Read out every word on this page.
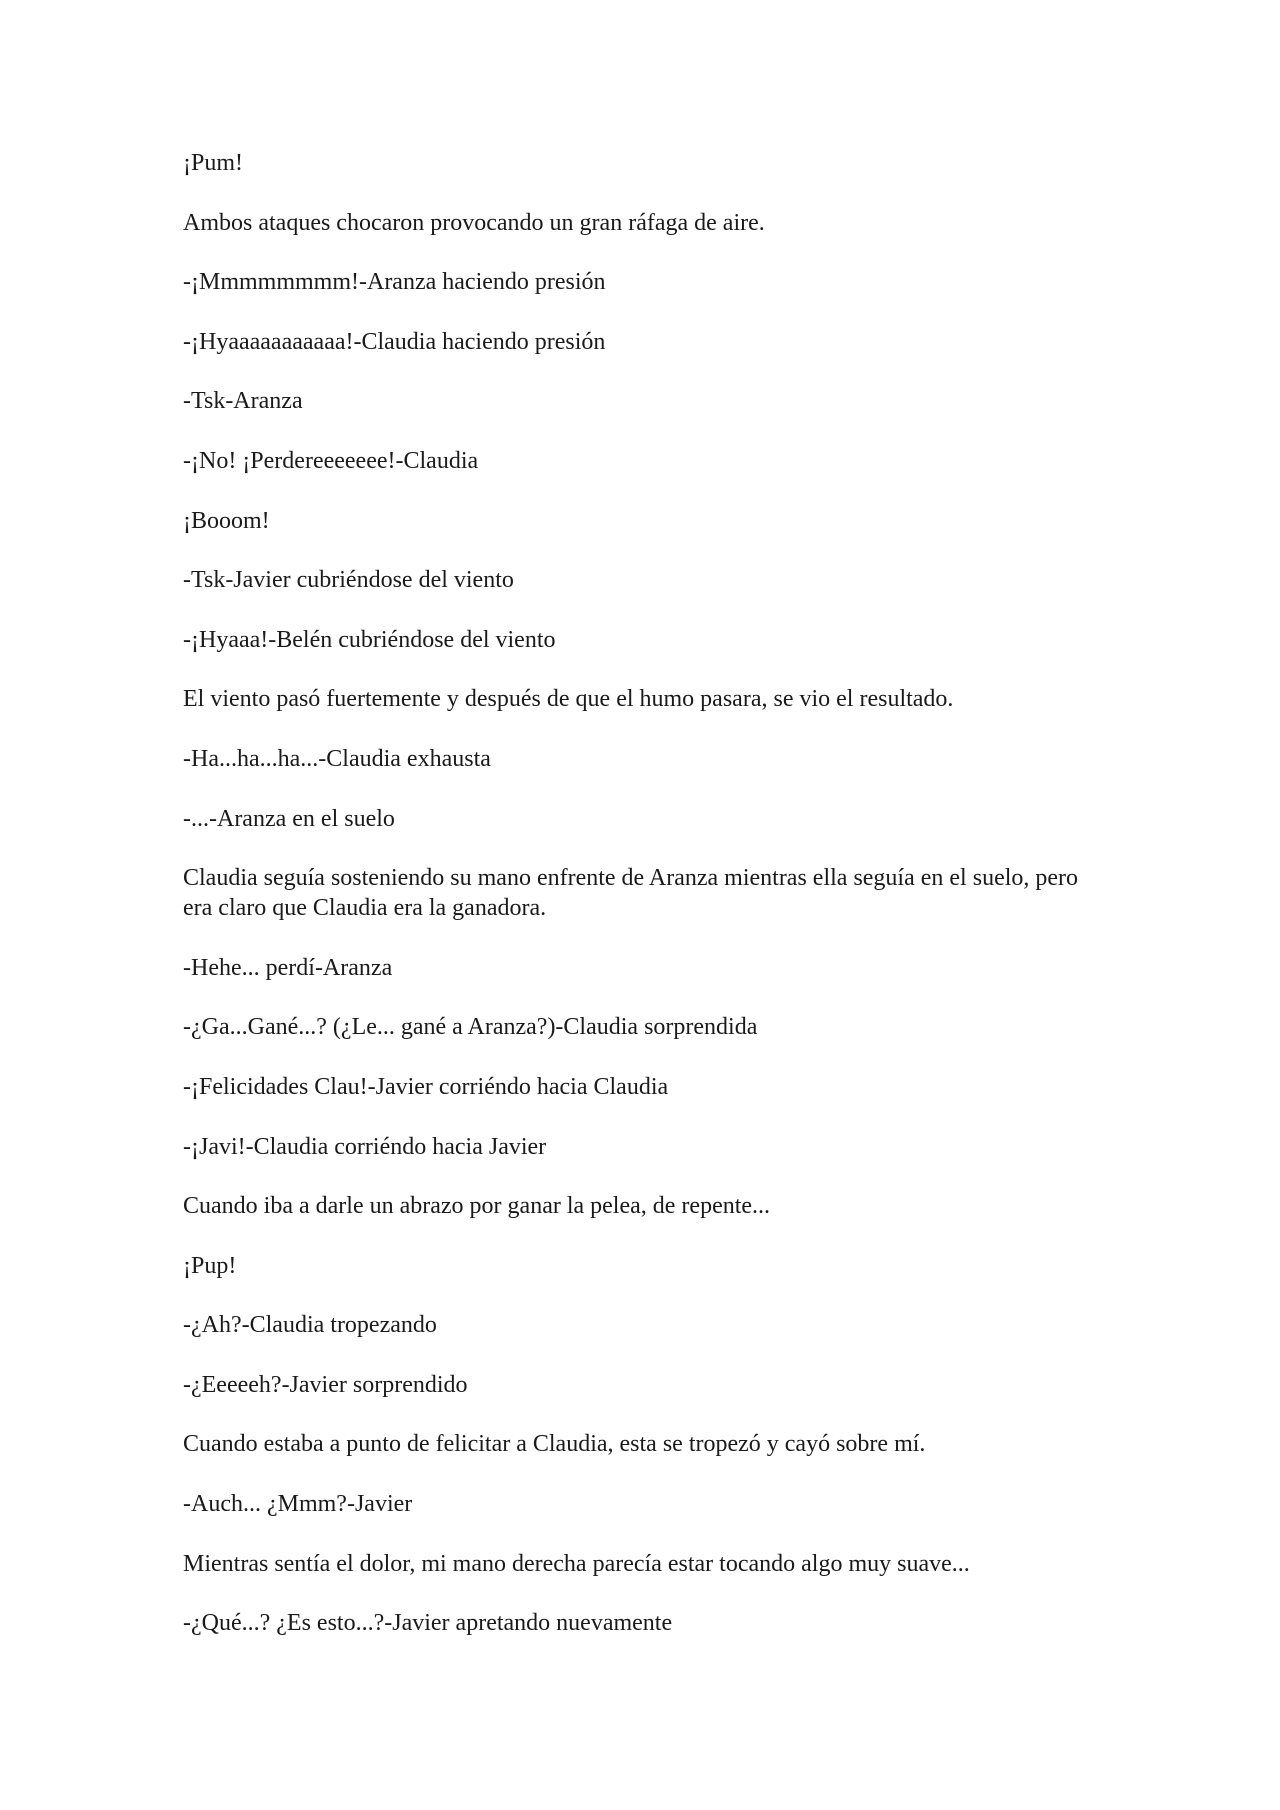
¡Pum!

Ambos ataques chocaron provocando un gran ráfaga de aire.

-¡Mmmmmmmm!-Aranza haciendo presión

-¡Hyaaaaaaaaaaa!-Claudia haciendo presión

-Tsk-Aranza

-¡No! ¡Perdereeeeeee!-Claudia

¡Booom!

-Tsk-Javier cubriéndose del viento

-¡Hyaaa!-Belén cubriéndose del viento

El viento pasó fuertemente y después de que el humo pasara, se vio el resultado.

-Ha...ha...ha...-Claudia exhausta

-...-Aranza en el suelo

Claudia seguía sosteniendo su mano enfrente de Aranza mientras ella seguía en el suelo, pero era claro que Claudia era la ganadora.

-Hehe... perdí-Aranza

-¿Ga...Gané...? (¿Le... gané a Aranza?)-Claudia sorprendida

-¡Felicidades Clau!-Javier corriéndo hacia Claudia

-¡Javi!-Claudia corriéndo hacia Javier

Cuando iba a darle un abrazo por ganar la pelea, de repente...

¡Pup!

-¿Ah?-Claudia tropezando

-¿Eeeeeh?-Javier sorprendido

Cuando estaba a punto de felicitar a Claudia, esta se tropezó y cayó sobre mí.

-Auch... ¿Mmm?-Javier

Mientras sentía el dolor, mi mano derecha parecía estar tocando algo muy suave...

-¿Qué...? ¿Es esto...?-Javier apretando nuevamente
